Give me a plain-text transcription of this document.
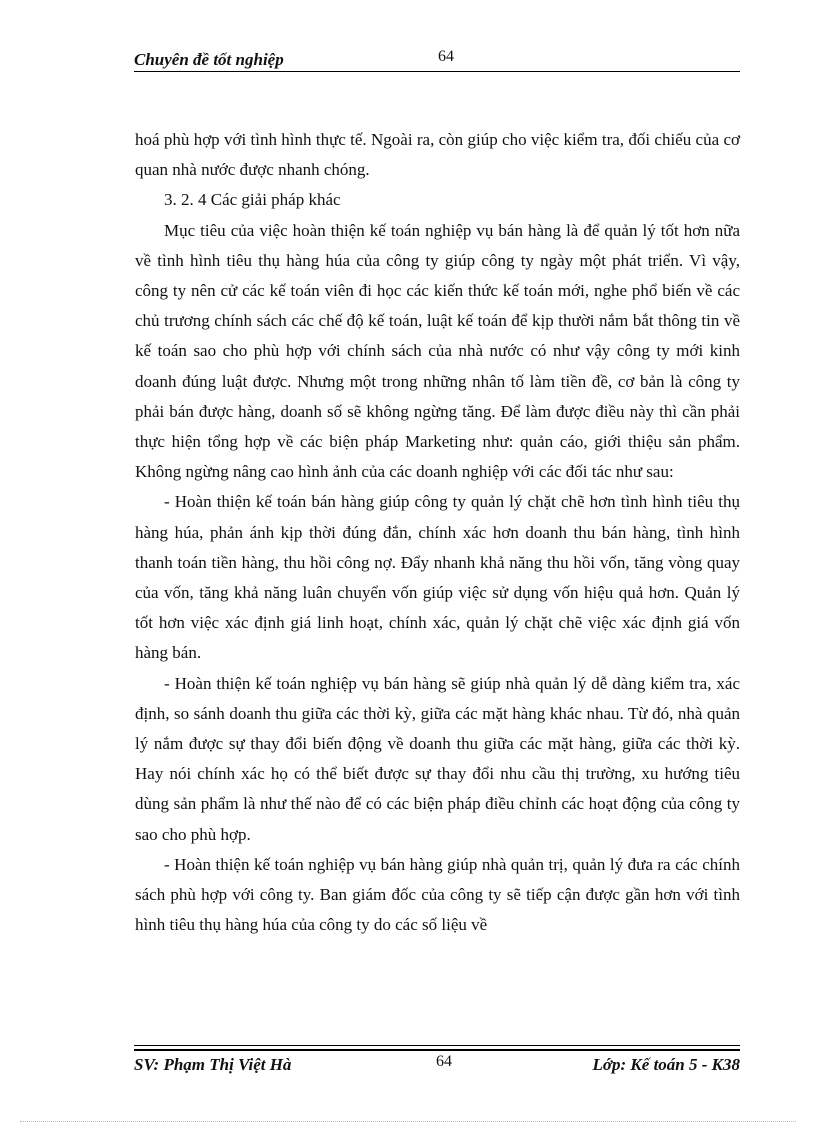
Chuyên đề tốt nghiệp	64

hoá phù hợp với tình hình thực tế. Ngoài ra, còn giúp cho việc kiểm tra, đối chiếu của cơ quan nhà nước được nhanh chóng.

3. 2. 4 Các giải pháp khác

Mục tiêu của việc hoàn thiện kế toán nghiệp vụ bán hàng là để quản lý tốt hơn nữa về tình hình tiêu thụ hàng húa của công ty giúp công ty ngày một phát triển. Vì vậy, công ty nên cử các kế toán viên đi học các kiến thức kế toán mới, nghe phổ biến về các chủ trương chính sách các chế độ kế toán, luật kế toán để kịp thười nắm bắt thông tin về kế toán sao cho phù hợp với chính sách của nhà nước có như vậy công ty mới kinh doanh đúng luật được. Nhưng một trong những nhân tố làm tiền đề, cơ bản là công ty phải bán được hàng, doanh số sẽ không ngừng tăng. Để làm được điều này thì cần phải thực hiện tổng hợp về các biện pháp Marketing như: quản cáo, giới thiệu sản phẩm. Không ngừng nâng cao hình ảnh của các doanh nghiệp với các đối tác như sau:

- Hoàn thiện kế toán bán hàng giúp công ty quản lý chặt chẽ hơn tình hình tiêu thụ hàng húa, phản ánh kịp thời đúng đắn, chính xác hơn doanh thu bán hàng, tình hình thanh toán tiền hàng, thu hồi công nợ. Đẩy nhanh khả năng thu hồi vốn, tăng vòng quay của vốn, tăng khả năng luân chuyển vốn giúp việc sử dụng vốn hiệu quả hơn. Quản lý tốt hơn việc xác định giá linh hoạt, chính xác, quản lý chặt chẽ việc xác định giá vốn hàng bán.

- Hoàn thiện kế toán nghiệp vụ bán hàng sẽ giúp nhà quản lý dễ dàng kiểm tra, xác định, so sánh doanh thu giữa các thời kỳ, giữa các mặt hàng khác nhau. Từ đó, nhà quản lý nắm được sự thay đổi biến động về doanh thu giữa các mặt hàng, giữa các thời kỳ. Hay nói chính xác họ có thể biết được sự thay đổi nhu cầu thị trường, xu hướng tiêu dùng sản phẩm là như thế nào để có các biện pháp điều chỉnh các hoạt động của công ty sao cho phù hợp.

- Hoàn thiện kế toán nghiệp vụ bán hàng giúp nhà quản trị, quản lý đưa ra các chính sách phù hợp với công ty. Ban giám đốc của công ty sẽ tiếp cận được gần hơn với tình hình tiêu thụ hàng húa của công ty do các số liệu về

SV: Phạm Thị Việt Hà	64	Lớp: Kế toán 5 - K38
